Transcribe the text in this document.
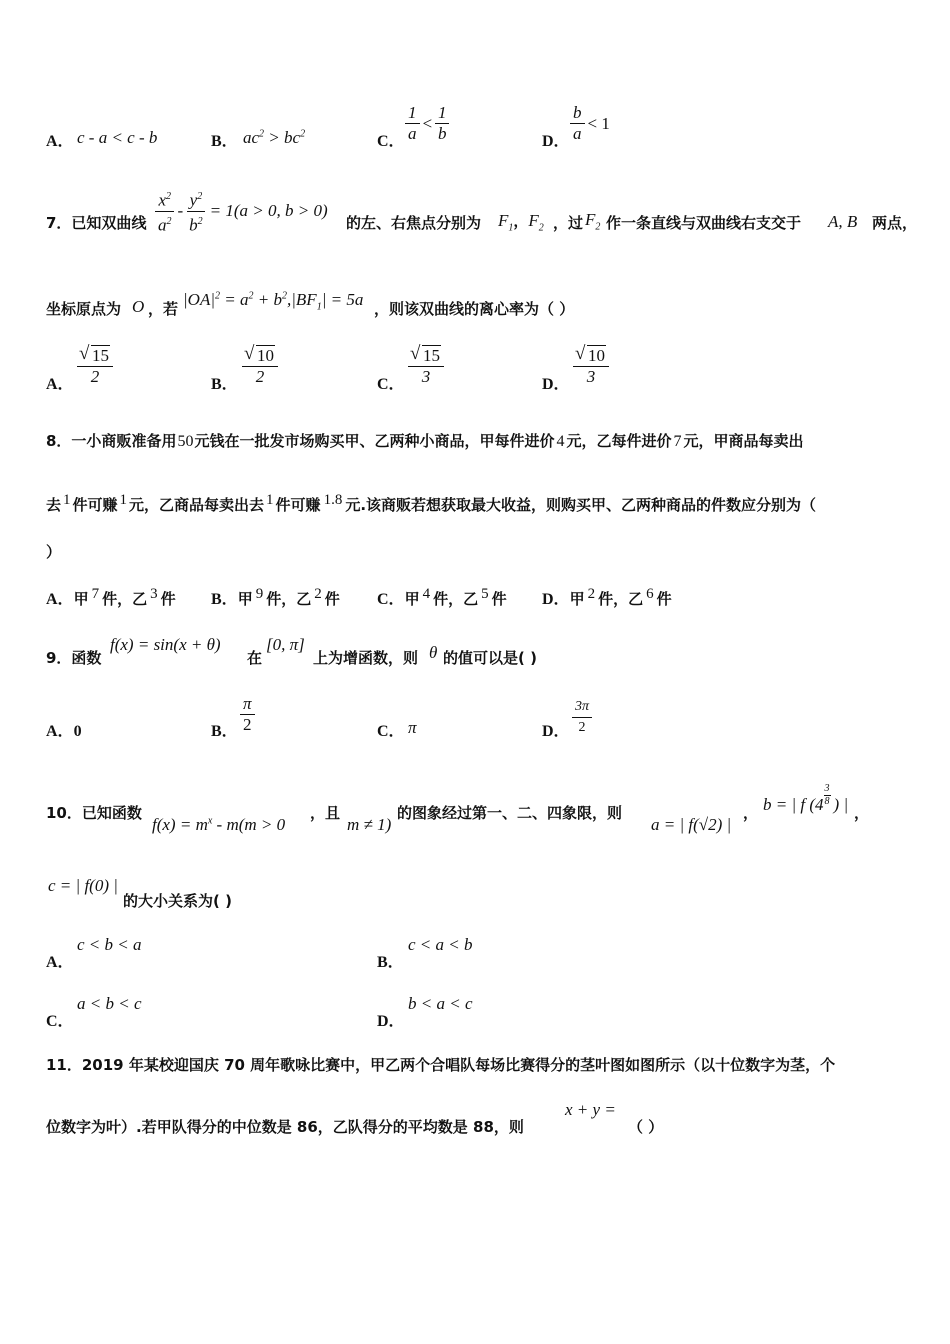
A． c - a < c - b	B． $ac^2 > bc^2$	C． $\frac{1}{a} < \frac{1}{b}$	D． $\frac{b}{a} < 1$
7．已知双曲线 $\frac{x^2}{a^2} - \frac{y^2}{b^2} = 1(a > 0$, b > 0)
的左、右焦点分别为 $F_1$，$F_2$ ，过 $F_2$ 作一条直线与双曲线右支交于 A, B 两点，
坐标原点为 O ，若 $|OA|^2 = a^2 + b^2,|BF_1| = 5a$ ，则该双曲线的离心率为（ ）
A． √ $\frac{15}{2}$	B． √ $\frac{10}{2}$	C． √ $\frac{15}{3}$	D． √ $\frac{10}{3}$
8．一小商贩准备用50元钱在一批发市场购买甲、乙两种小商品，甲每件进价 4 元，乙每件进价 7 元，甲商品每卖出
去 $^1$ 件可赚 $^1$ 元，乙商品每卖出去 $^1$ 件可赚 $^{1.8}$ 元.该商贩若想获取最大收益，则购买甲、乙两种商品的件数应分别为（
）
A．甲 $^7$ 件，乙 $^3$ 件 B．甲 $^9$ 件，乙 $^2$ 件 C．甲 $^4$ 件，乙 $^5$ 件 D．甲 $^2$ 件，乙 $^6$ 件
9．函数
f(x) = sin(x + θ)
在
[0, π]
上为增函数，则 θ 的值可以是( )
A．0	B． $\frac{\pi}{2}$	C． π	D． $\frac{3\pi}{2}$
10．已知函数
$f(x) = m^x - m(m > 0$
，且
m ≠ 1)
的图象经过第一、二、四象限，则
a = | f(√2) |
， b = | f ($4 \frac{3}{8}$ ) | ，
c = | f(0) |
的大小关系为( )
A．
c < b < a
B．
c < a < b
C．
a < b < c
D．
b < a < c
11．2019 年某校迎国庆 70 周年歌咏比赛中，甲乙两个合唱队每场比赛得分的茎叶图如图所示（以十位数字为茎，个
位数字为叶）.若甲队得分的中位数是 86，乙队得分的平均数是 88，则
x + y =
（ ）
